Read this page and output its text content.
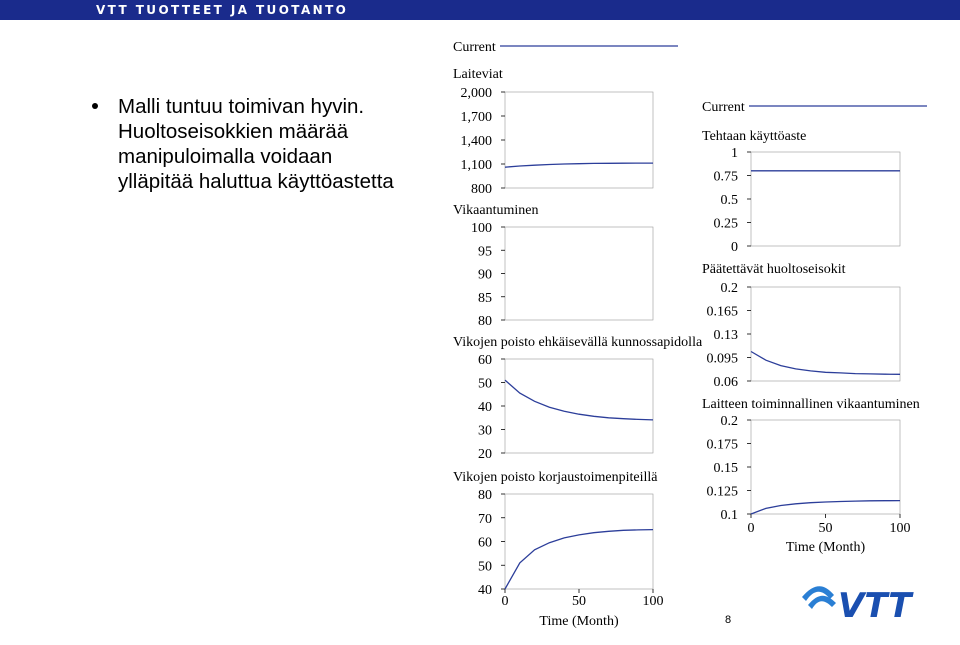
VTT TUOTTEET JA TUOTANTO
Malli tuntuu toimivan hyvin.
Huoltoseisokkien määrää
manipuloimalla voidaan
ylläpitää haluttua käyttöastetta
Current
Laiteviat
2,000
1,700
1,400
1,100
800
Vikaantuminen
100
95
90
85
80
Vikojen poisto ehkäisevällä kunnossapidolla
60
50
40
30
20
Vikojen poisto korjaustoimenpiteillä
80
70
60
50
40
0	50	100
Time (Month)
Current
Tehtaan käyttöaste
1
0.75
0.5
0.25
0
Päätettävät huoltoseisokit
0.2
0.165
0.13
0.095
0.06
Laitteen toiminnallinen vikaantuminen
0.2
0.175
0.15
0.125
0.1
0	50	100
Time (Month)
8	VTT
